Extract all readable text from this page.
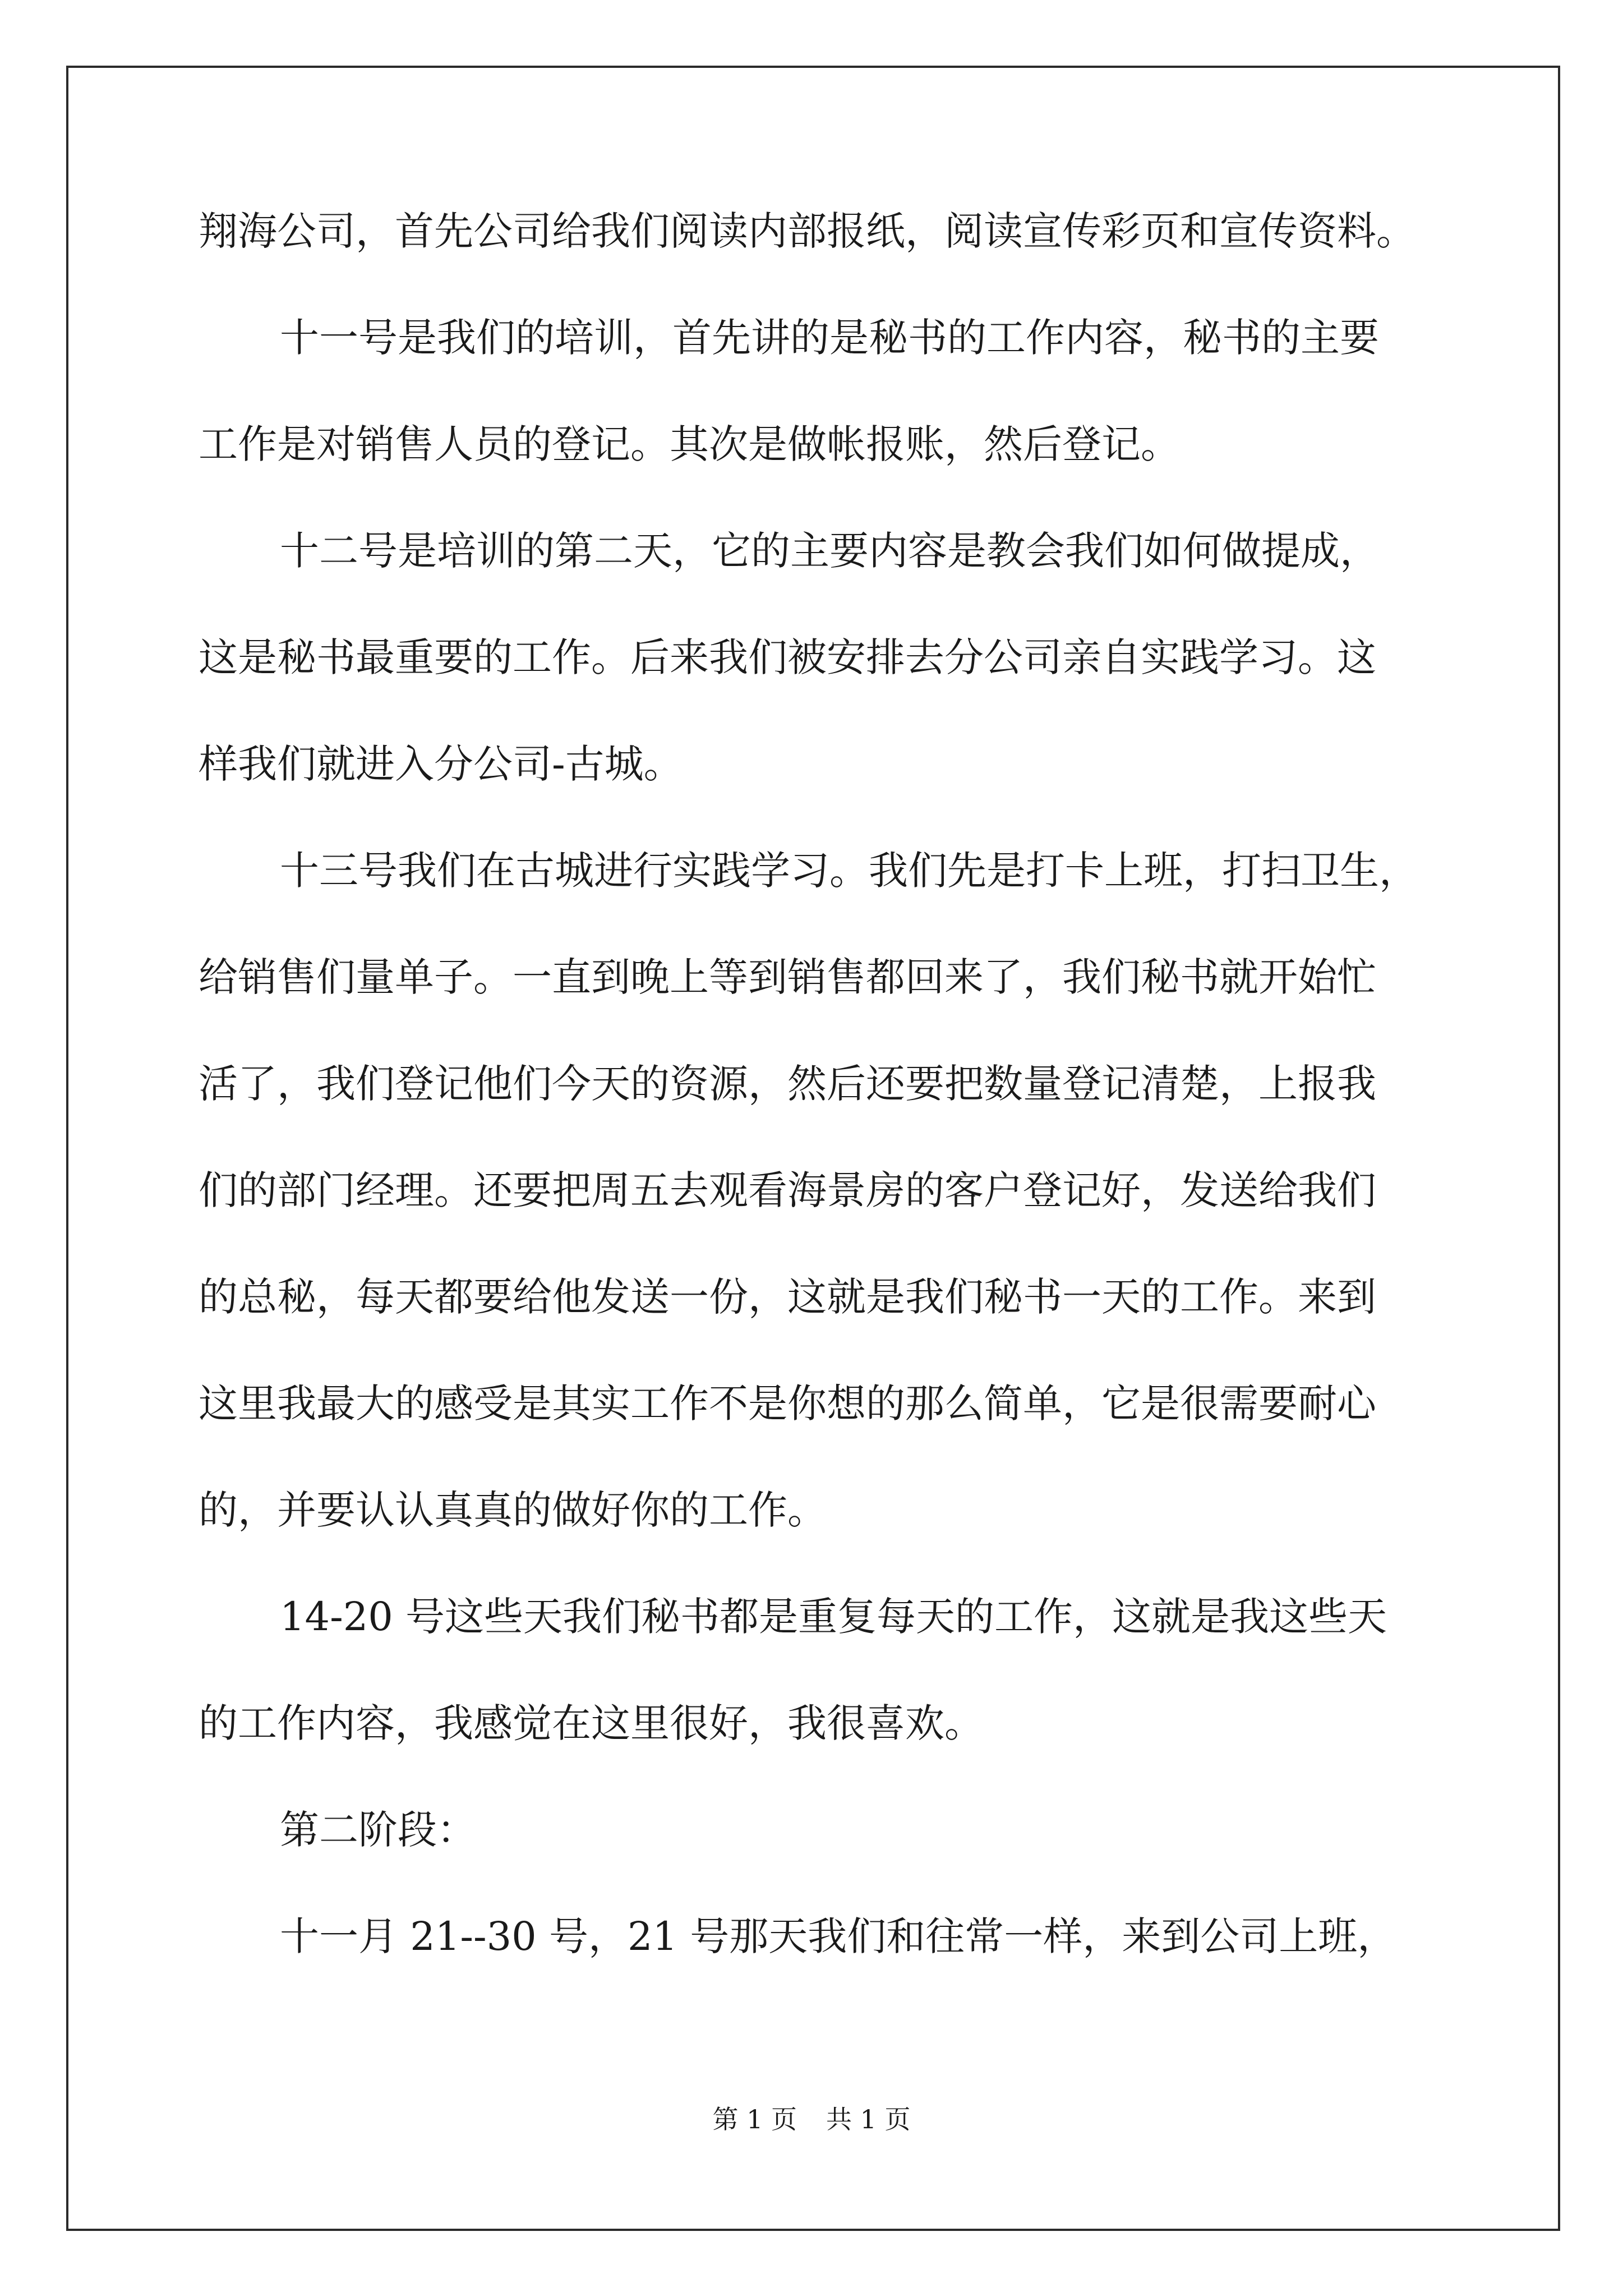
翔海公司，首先公司给我们阅读内部报纸，阅读宣传彩页和宣传资料。
十一号是我们的培训，首先讲的是秘书的工作内容，秘书的主要
工作是对销售人员的登记。其次是做帐报账，然后登记。
十二号是培训的第二天，它的主要内容是教会我们如何做提成，
这是秘书最重要的工作。后来我们被安排去分公司亲自实践学习。这
样我们就进入分公司-古城。
十三号我们在古城进行实践学习。我们先是打卡上班，打扫卫生，
给销售们量单子。一直到晚上等到销售都回来了，我们秘书就开始忙
活了，我们登记他们今天的资源，然后还要把数量登记清楚，上报我
们的部门经理。还要把周五去观看海景房的客户登记好，发送给我们
的总秘，每天都要给他发送一份，这就是我们秘书一天的工作。来到
这里我最大的感受是其实工作不是你想的那么简单，它是很需要耐心
的，并要认认真真的做好你的工作。
14-20 号这些天我们秘书都是重复每天的工作，这就是我这些天
的工作内容，我感觉在这里很好，我很喜欢。
第二阶段：
十一月 21--30 号，21 号那天我们和往常一样，来到公司上班，
第 1 页 共 1 页
